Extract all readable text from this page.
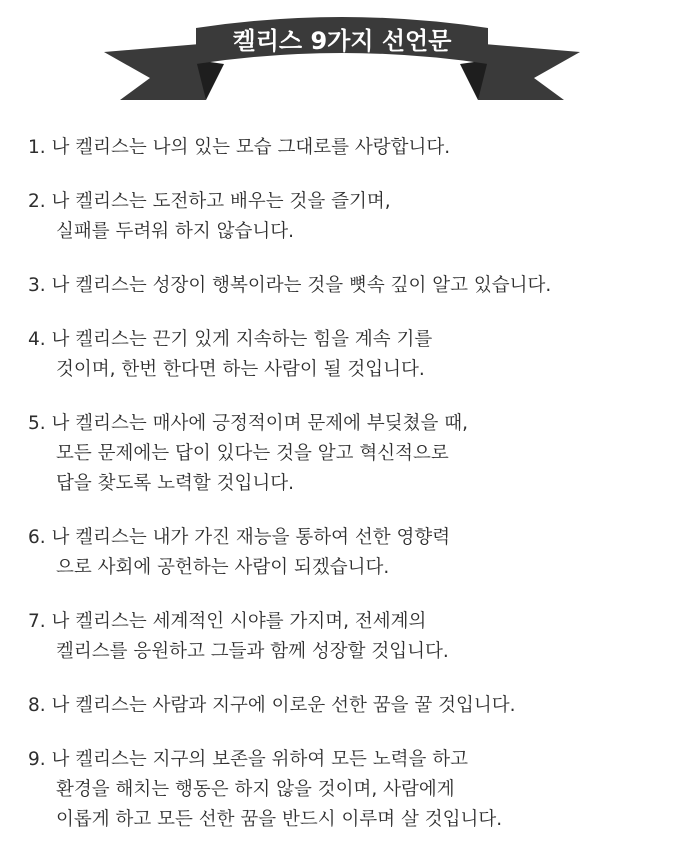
켈리스 9가지 선언문
1. 나 켈리스는 나의 있는 모습 그대로를 사랑합니다.
2. 나 켈리스는 도전하고 배우는 것을 즐기며,
실패를 두려워 하지 않습니다.
3. 나 켈리스는 성장이 행복이라는 것을 뼛속 깊이 알고 있습니다.
4. 나 켈리스는 끈기 있게 지속하는 힘을 계속 기를
것이며, 한번 한다면 하는 사람이 될 것입니다.
5. 나 켈리스는 매사에 긍정적이며 문제에 부딪쳤을 때,
모든 문제에는 답이 있다는 것을 알고 혁신적으로
답을 찾도록 노력할 것입니다.
6. 나 켈리스는 내가 가진 재능을 통하여 선한 영향력
으로 사회에 공헌하는 사람이 되겠습니다.
7. 나 켈리스는 세계적인 시야를 가지며, 전세계의
켈리스를 응원하고 그들과 함께 성장할 것입니다.
8. 나 켈리스는 사람과 지구에 이로운 선한 꿈을 꿀 것입니다.
9. 나 켈리스는 지구의 보존을 위하여 모든 노력을 하고
환경을 해치는 행동은 하지 않을 것이며, 사람에게
이롭게 하고 모든 선한 꿈을 반드시 이루며 살 것입니다.
